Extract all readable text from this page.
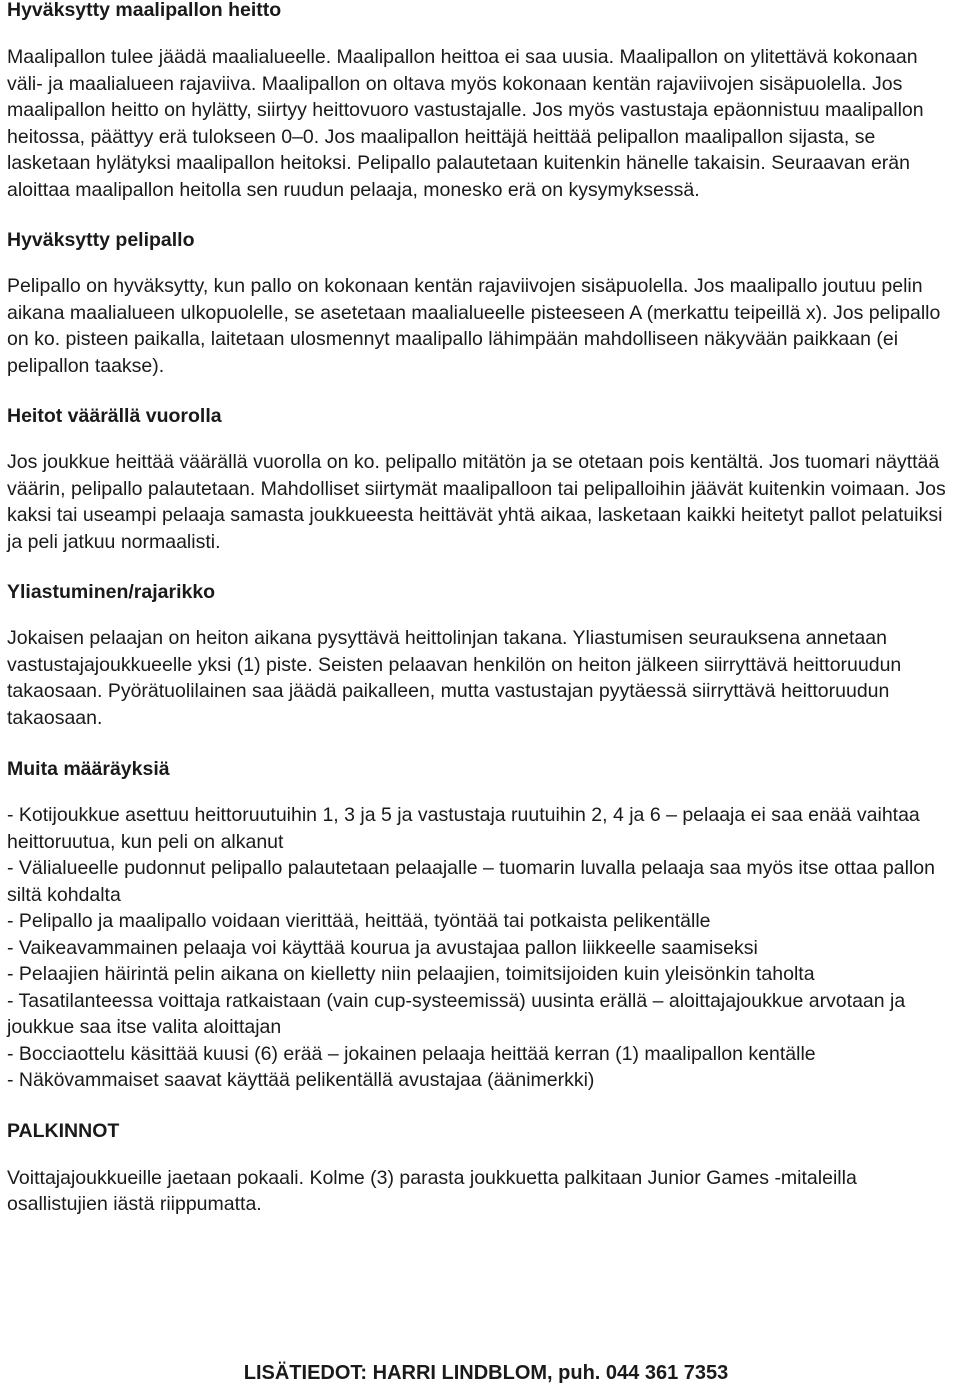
Hyväksytty maalipallon heitto

Maalipallon tulee jäädä maalialueelle. Maalipallon heittoa ei saa uusia. Maalipallon on ylitettävä kokonaan väli- ja maalialueen rajaviiva. Maalipallon on oltava myös kokonaan kentän rajaviivojen sisäpuolella. Jos maalipallon heitto on hylätty, siirtyy heittovuoro vastustajalle. Jos myös vastustaja epäonnistuu maalipallon heitossa, päättyy erä tulokseen 0–0. Jos maalipallon heittäjä heittää pelipallon maalipallon sijasta, se lasketaan hylätyksi maalipallon heitoksi. Pelipallo palautetaan kuitenkin hänelle takaisin. Seuraavan erän aloittaa maalipallon heitolla sen ruudun pelaaja, monesko erä on kysymyksessä.

Hyväksytty pelipallo

Pelipallo on hyväksytty, kun pallo on kokonaan kentän rajaviivojen sisäpuolella. Jos maalipallo joutuu pelin aikana maalialueen ulkopuolelle, se asetetaan maalialueelle pisteeseen A (merkattu teipeillä x). Jos pelipallo on ko. pisteen paikalla, laitetaan ulosmennyt maalipallo lähimpään mahdolliseen näkyvään paikkaan (ei pelipallon taakse).

Heitot väärällä vuorolla

Jos joukkue heittää väärällä vuorolla on ko. pelipallo mitätön ja se otetaan pois kentältä. Jos tuomari näyttää väärin, pelipallo palautetaan. Mahdolliset siirtymät maalipalloon tai pelipalloihin jäävät kuitenkin voimaan. Jos kaksi tai useampi pelaaja samasta joukkueesta heittävät yhtä aikaa, lasketaan kaikki heitetyt pallot pelatuiksi ja peli jatkuu normaalisti.

Yliastuminen/rajarikko

Jokaisen pelaajan on heiton aikana pysyttävä heittolinjan takana. Yliastumisen seurauksena annetaan vastustajajoukkueelle yksi (1) piste. Seisten pelaavan henkilön on heiton jälkeen siirryttävä heittoruudun takaosaan. Pyörätuolilainen saa jäädä paikalleen, mutta vastustajan pyytäessä siirryttävä heittoruudun takaosaan.

Muita määräyksiä
- Kotijoukkue asettuu heittoruutuihin 1, 3 ja 5 ja vastustaja ruutuihin 2, 4 ja 6 – pelaaja ei saa enää vaihtaa heittoruutua, kun peli on alkanut
- Välialueelle pudonnut pelipallo palautetaan pelaajalle – tuomarin luvalla pelaaja saa myös itse ottaa pallon siltä kohdalta
- Pelipallo ja maalipallo voidaan vierittää, heittää, työntää tai potkaista pelikentälle
- Vaikeavammainen pelaaja voi käyttää kourua ja avustajaa pallon liikkeelle saamiseksi
- Pelaajien häirintä pelin aikana on kielletty niin pelaajien, toimitsijoiden kuin yleisönkin taholta
- Tasatilanteessa voittaja ratkaistaan (vain cup-systeemissä) uusinta erällä – aloittajajoukkue arvotaan ja joukkue saa itse valita aloittajan
- Bocciaottelu käsittää kuusi (6) erää – jokainen pelaaja heittää kerran (1) maalipallon kentälle
- Näkövammaiset saavat käyttää pelikentällä avustajaa (äänimerkki)
PALKINNOT

Voittajajoukkueille jaetaan pokaali. Kolme (3) parasta joukkuetta palkitaan Junior Games -mitaleilla osallistujien iästä riippumatta.

LISÄTIEDOT: HARRI LINDBLOM, puh. 044 361 7353
